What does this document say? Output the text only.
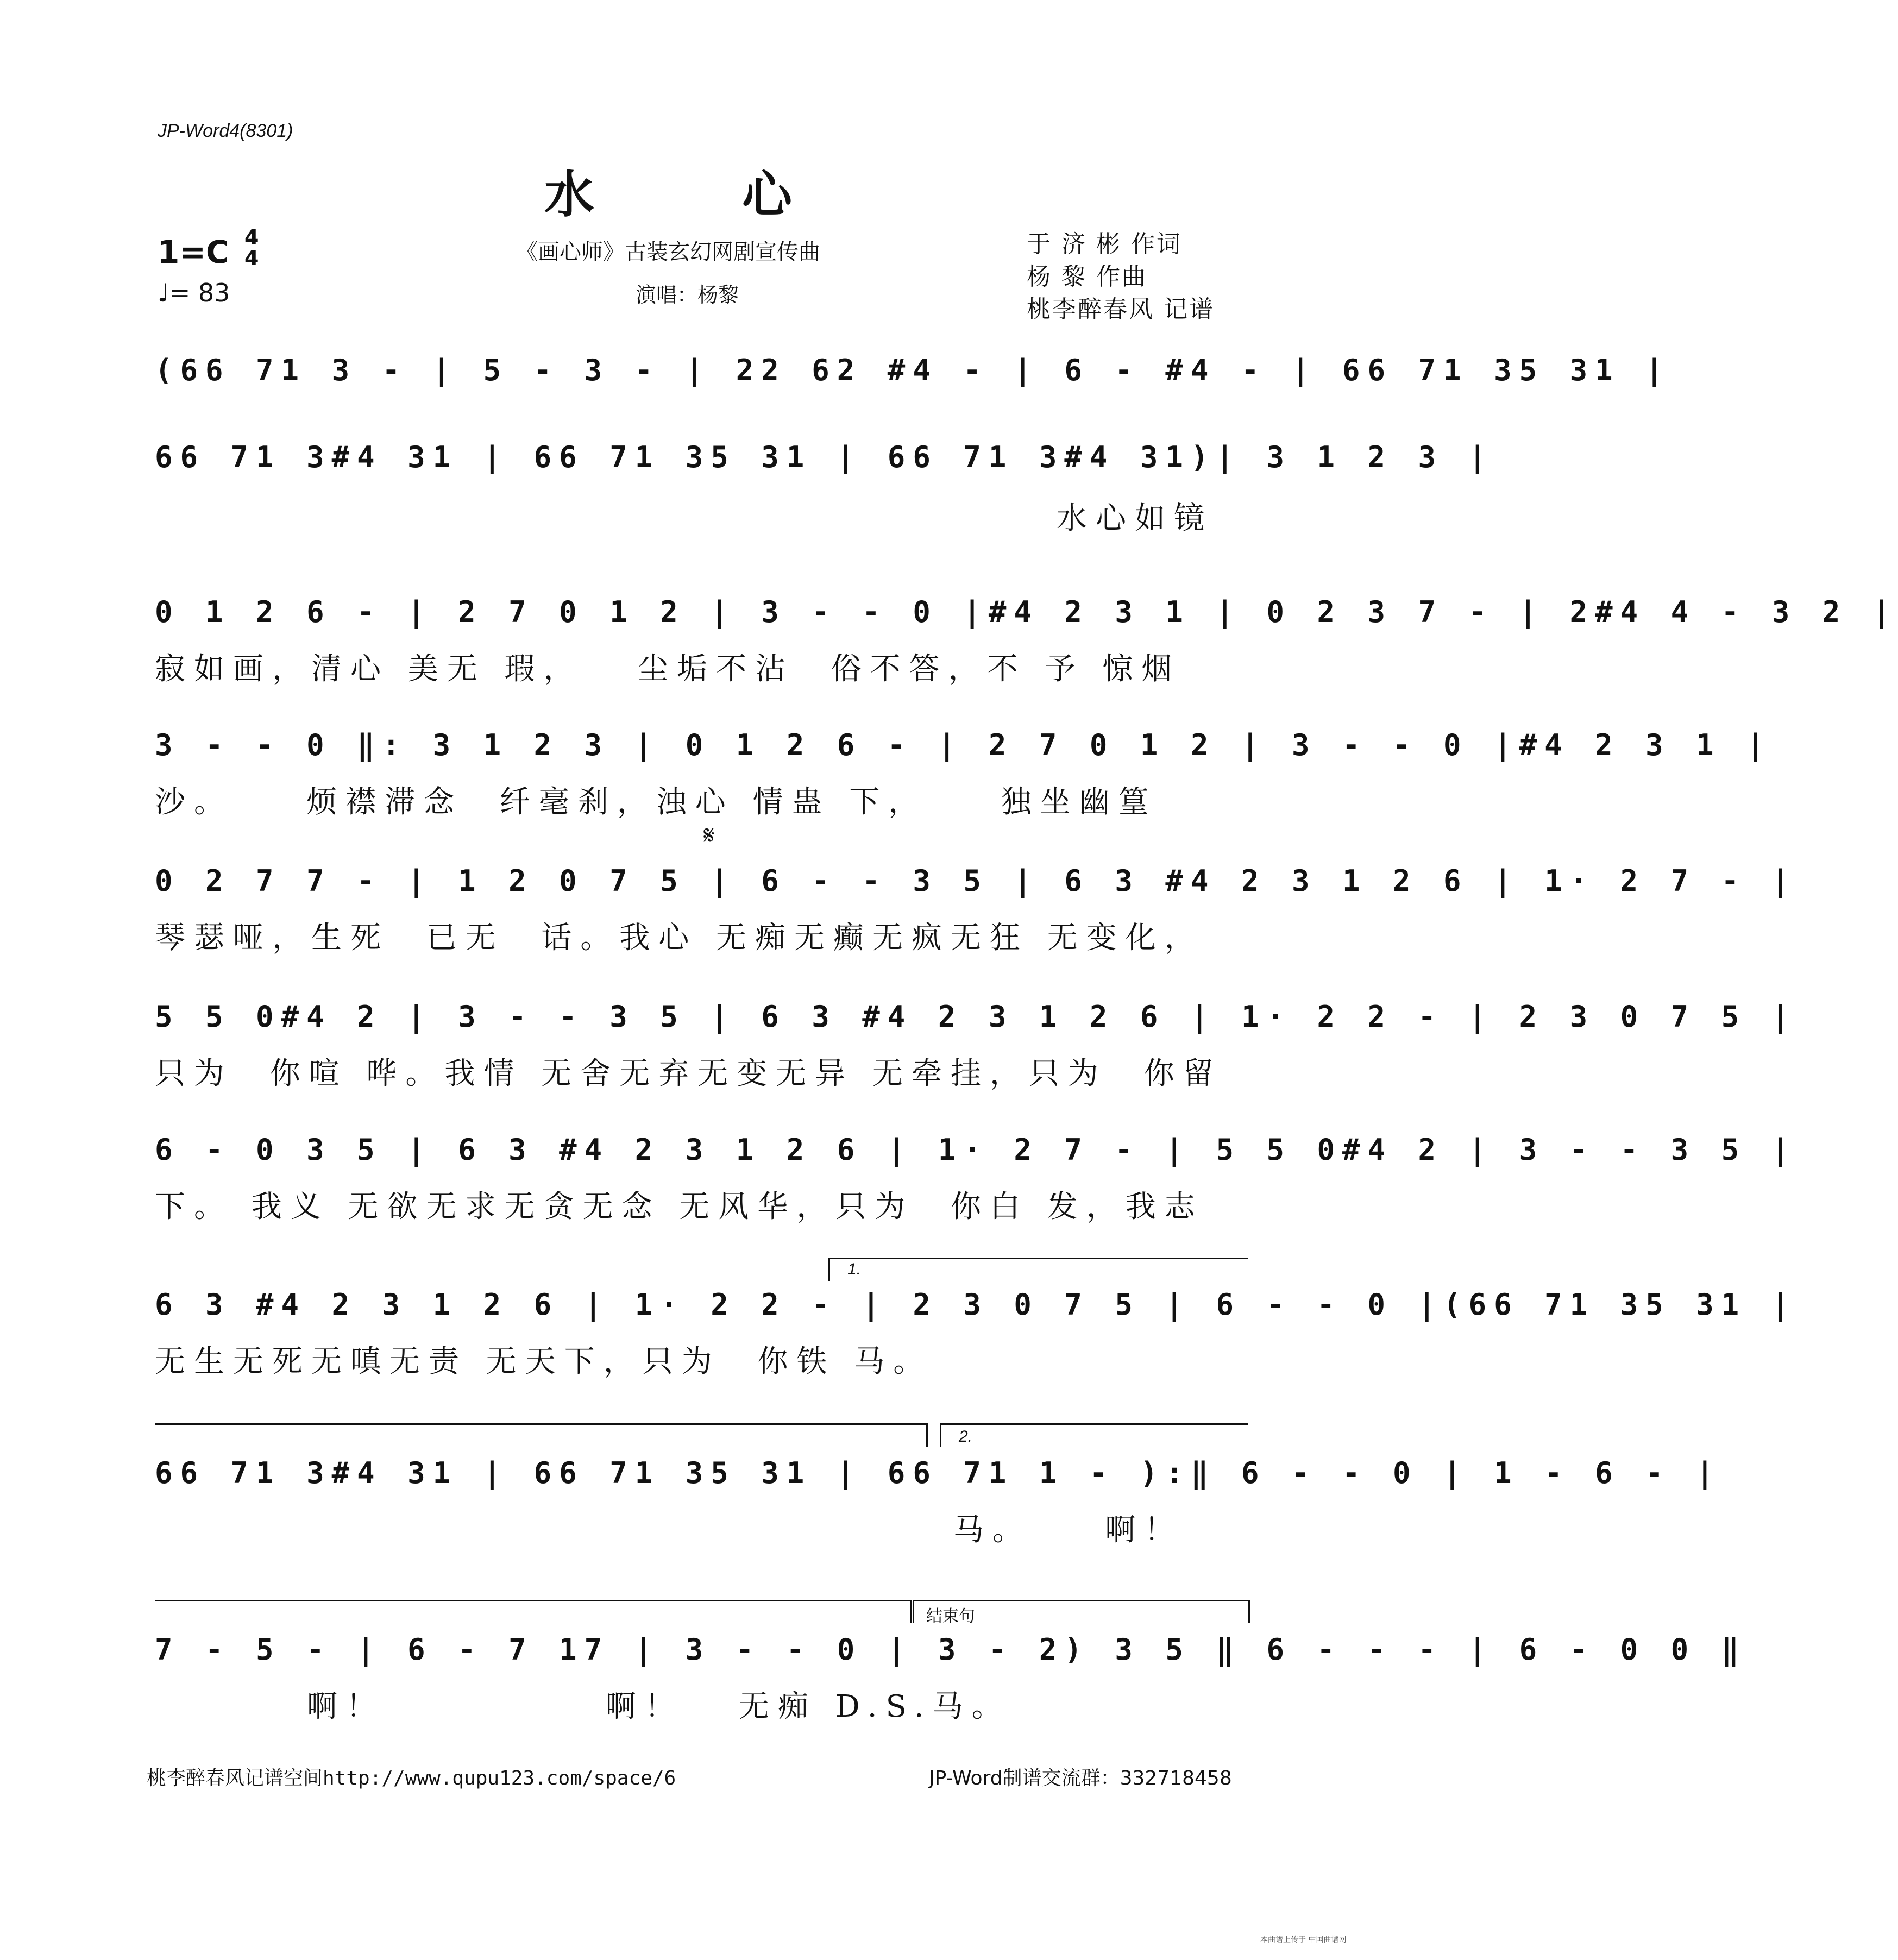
JP-Word4(8301)
水 心
1=C 4
4
♩= 83
《画心师》古装玄幻网剧宣传曲
演唱：杨黎
于 济 彬 作词
杨 黎 作曲
桃李醉春风 记谱
(66 71 3 - | 5 - 3 - | 22 62 #4 - | 6 - #4 - | 66 71 35 31 |
66 71 3#4 31 | 66 71 35 31 | 66 71 3#4 31)| 3 1 2 3 |
水心如镜
0 1 2 6 - | 2 7 0 1 2 | 3 - - 0 |#4 2 3 1 | 0 2 3 7 - | 2#4 4 - 3 2 |
寂如画，清心 美无 瑕，   尘垢不沾  俗不答，不 予 惊烟
3 - - 0 ‖: 3 1 2 3 | 0 1 2 6 - | 2 7 0 1 2 | 3 - - 0 |#4 2 3 1 |
沙。    烦襟滞念  纤毫刹，浊心 情蛊 下，    独坐幽篁
𝄋
0 2 7 7 - | 1 2 0 7 5 | 6 - - 3 5 | 6 3 #4 2 3 1 2 6 | 1· 2 7 - |
琴瑟哑，生死  已无  话。我心 无痴无癫无疯无狂 无变化，
5 5 0#4 2 | 3 - - 3 5 | 6 3 #4 2 3 1 2 6 | 1· 2 2 - | 2 3 0 7 5 |
只为  你喧 哗。我情 无舍无弃无变无异 无牵挂，只为  你留
6 - 0 3 5 | 6 3 #4 2 3 1 2 6 | 1· 2 7 - | 5 5 0#4 2 | 3 - - 3 5 |
下。 我义 无欲无求无贪无念 无风华，只为  你白 发，我志
1.
6 3 #4 2 3 1 2 6 | 1· 2 2 - | 2 3 0 7 5 | 6 - - 0 |(66 71 35 31 |
无生无死无嗔无责 无天下，只为  你铁 马。
2.
66 71 3#4 31 | 66 71 35 31 | 66 71 1 - ):‖ 6 - - 0 | 1 - 6 - |
马。    啊！
结束句
7 - 5 - | 6 - 7 17 | 3 - - 0 | 3 - 2) 3 5 ‖ 6 - - - | 6 - 0 0 ‖
啊！            啊！   无痴 D.S.马。
桃李醉春风记谱空间http://www.qupu123.com/space/6	JP-Word制谱交流群：332718458
本曲谱上传于 中国曲谱网
